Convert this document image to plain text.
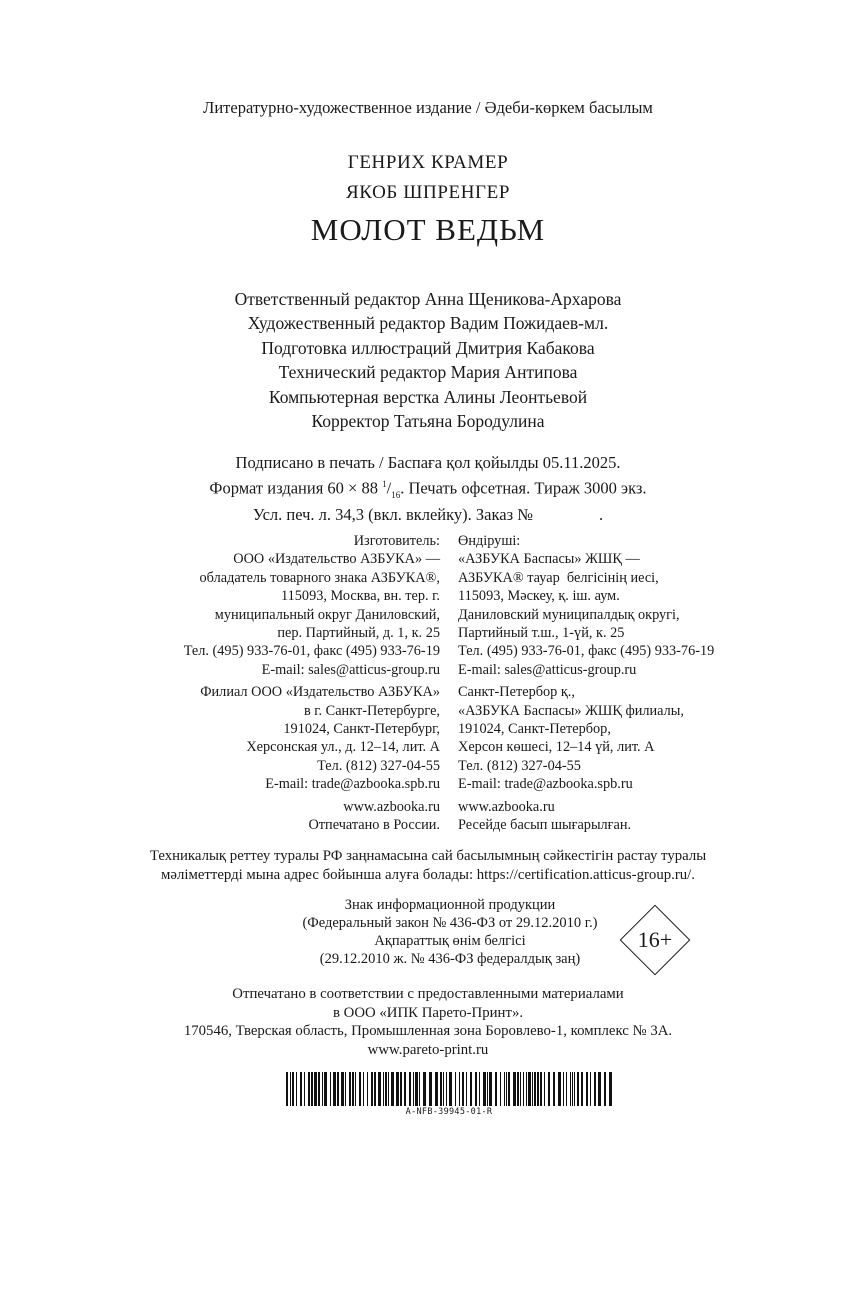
Литературно-художественное издание / Әдеби-көркем басылым
ГЕНРИХ КРАМЕР
ЯКОБ ШПРЕНГЕР
МОЛОТ ВЕДЬМ
Ответственный редактор Анна Щеникова-Архарова
Художественный редактор Вадим Пожидаев-мл.
Подготовка иллюстраций Дмитрия Кабакова
Технический редактор Мария Антипова
Компьютерная верстка Алины Леонтьевой
Корректор Татьяна Бородулина
Подписано в печать / Баспаға қол қойылды 05.11.2025.
Формат издания 60 × 88 $^1/_{16}$. Печать офсетная. Тираж 3000 экз.
Усл. печ. л. 34,3 (вкл. вклейку). Заказ №                .
Изготовитель:
ООО «Издательство АЗБУКА» —
обладатель товарного знака АЗБУКА®,
115093, Москва, вн. тер. г.
муниципальный округ Даниловский,
пер. Партийный, д. 1, к. 25
Тел. (495) 933-76-01, факс (495) 933-76-19
E-mail: sales@atticus-group.ru
Филиал ООО «Издательство АЗБУКА»
в г. Санкт-Петербурге,
191024, Санкт-Петербург,
Херсонская ул., д. 12–14, лит. А
Тел. (812) 327-04-55
E-mail: trade@azbooka.spb.ru
www.azbooka.ru
Отпечатано в России.
Өндіруші:
«АЗБУКА Баспасы» ЖШҚ —
АЗБУКА® тауар  белгісінің иесі,
115093, Мәскеу, қ. іш. аум.
Даниловский муниципалдық округі,
Партийный т.ш., 1-үй, к. 25
Тел. (495) 933-76-01, факс (495) 933-76-19
E-mail: sales@atticus-group.ru
Санкт-Петербор қ.,
«АЗБУКА Баспасы» ЖШҚ филиалы,
191024, Санкт-Петербор,
Херсон көшесі, 12–14 үй, лит. А
Тел. (812) 327-04-55
E-mail: trade@azbooka.spb.ru
www.azbooka.ru
Ресейде басып шығарылған.
Техникалық реттеу туралы РФ заңнамасына сай басылымның сәйкестігін растау туралы
мәліметтерді мына адрес бойынша алуға болады: https://certification.atticus-group.ru/.
Знак информационной продукции
(Федеральный закон № 436-ФЗ от 29.12.2010 г.)
Ақпараттық өнім белгісі
(29.12.2010 ж. № 436-ФЗ федералдық заң)
16+
Отпечатано в соответствии с предоставленными материалами
в ООО «ИПК Парето-Принт».
170546, Тверская область, Промышленная зона Боровлево-1, комплекс № 3А.
www.pareto-print.ru
A-NFB-39945-01-R
